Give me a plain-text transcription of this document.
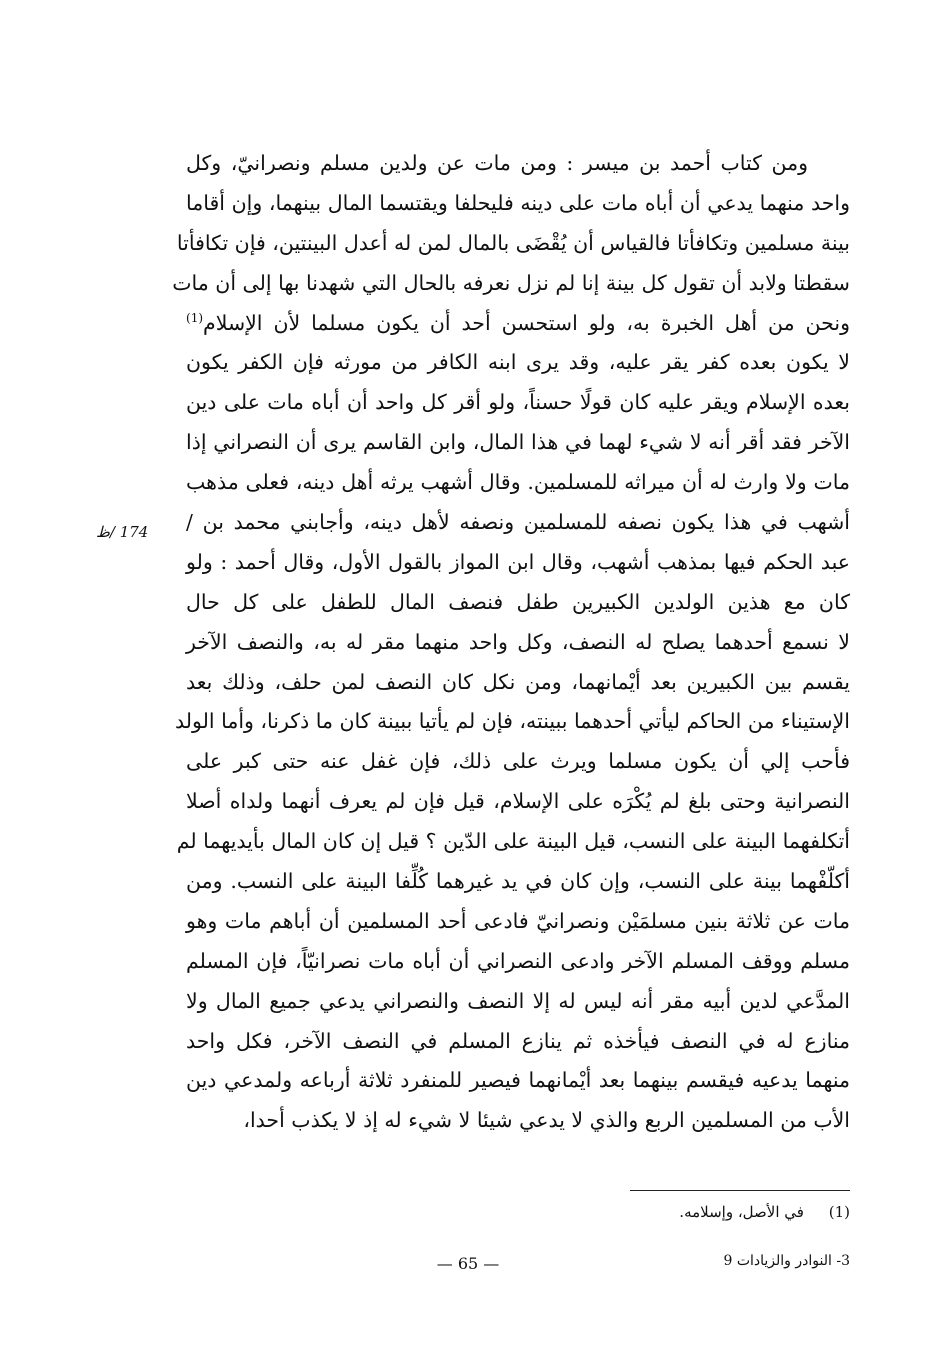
ومن كتاب أحمد بن ميسر : ومن مات عن ولدين مسلم ونصرانيّ، وكل
واحد منهما يدعي أن أباه مات على دينه فليحلفا ويقتسما المال بينهما، وإن أقاما
بينة مسلمين وتكافأتا فالقياس أن يُقْضَى بالمال لمن له أعدل البينتين، فإن تكافأتا
سقطتا ولابد أن تقول كل بينة إنا لم نزل نعرفه بالحال التي شهدنا بها إلى أن مات
ونحن من أهل الخبرة به، ولو استحسن أحد أن يكون مسلما لأن الإسلام$^{(1)}$
لا يكون بعده كفر يقر عليه، وقد يرى ابنه الكافر من مورثه فإن الكفر يكون
بعده الإسلام ويقر عليه كان قولًا حسناً، ولو أقر كل واحد أن أباه مات على دين
الآخر فقد أقر أنه لا شيء لهما في هذا المال، وابن القاسم يرى أن النصراني إذا
مات ولا وارث له أن ميراثه للمسلمين. وقال أشهب يرثه أهل دينه، فعلى مذهب
أشهب في هذا يكون نصفه للمسلمين ونصفه لأهل دينه، وأجابني محمد بن /
عبد الحكم فيها بمذهب أشهب، وقال ابن المواز بالقول الأول، وقال أحمد : ولو
كان مع هذين الولدين الكبيرين طفل فنصف المال للطفل على كل حال
لا نسمع أحدهما يصلح له النصف، وكل واحد منهما مقر له به، والنصف الآخر
يقسم بين الكبيرين بعد أيْمانهما، ومن نكل كان النصف لمن حلف، وذلك بعد
الإستيناء من الحاكم ليأتي أحدهما ببينته، فإن لم يأتيا ببينة كان ما ذكرنا، وأما الولد
فأحب إلي أن يكون مسلما ويرث على ذلك، فإن غفل عنه حتى كبر على
النصرانية وحتى بلغ لم يُكْرَه على الإسلام، قيل فإن لم يعرف أنهما ولداه أصلا
أتكلفهما البينة على النسب، قيل البينة على الدّين ؟ قيل إن كان المال بأيديهما لم
أكلّفْهما بينة على النسب، وإن كان في يد غيرهما كُلِّفا البينة على النسب. ومن
مات عن ثلاثة بنين مسلمَيْن ونصرانيّ فادعى أحد المسلمين أن أباهم مات وهو
مسلم ووقف المسلم الآخر وادعى النصراني أن أباه مات نصرانيّاً، فإن المسلم
المدَّعي لدين أبيه مقر أنه ليس له إلا النصف والنصراني يدعي جميع المال ولا
منازع له في النصف فيأخذه ثم ينازع المسلم في النصف الآخر، فكل واحد
منهما يدعيه فيقسم بينهما بعد أيْمانهما فيصير للمنفرد ثلاثة أرباعه ولمدعي دين
الأب من المسلمين الربع والذي لا يدعي شيئا لا شيء له إذ لا يكذب أحدا،
174 /ظ
(1) في الأصل، وإسلامه.
— 65 —	3- النوادر والزيادات 9
